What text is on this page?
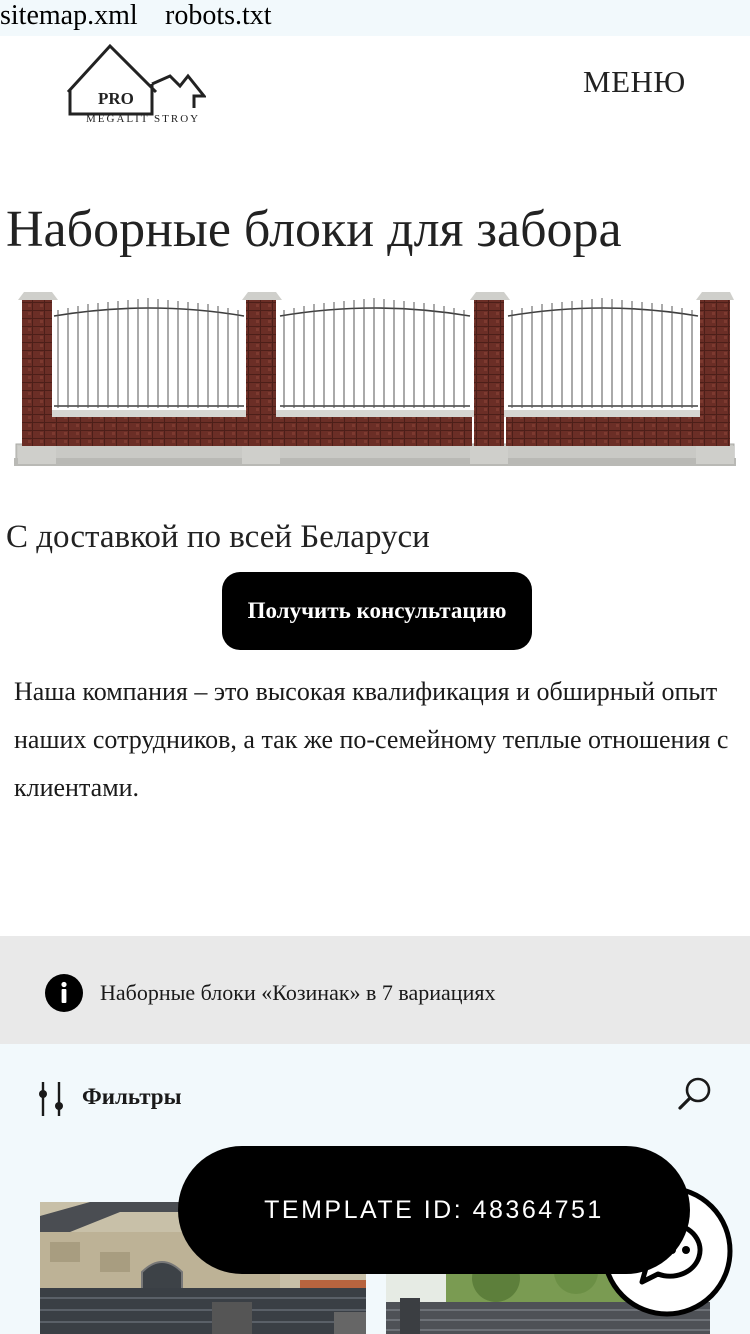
sitemap.xml robots.txt
PRO
MEGALIT STROY
МЕНЮ
Наборные блоки для забора
С доставкой по всей Беларуси
Получить консультацию

Наша компания – это высокая квалификация и обширный опыт наших сотрудников, а так же по-семейному теплые отношения с клиентами.

Наборные блоки «Козинак» в 7 вариациях
Фильтры
TEMPLATE ID: 48364751
